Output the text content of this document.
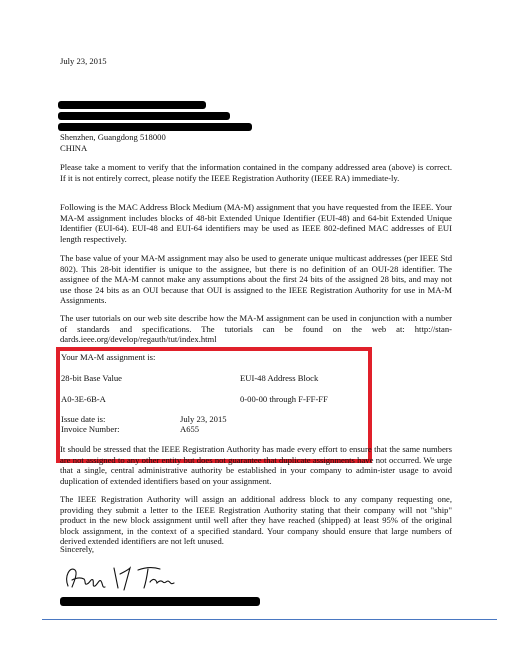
July 23, 2015

Shenzhen, Guangdong 518000

CHINA

Please take a moment to verify that the information contained in the company addressed area (above) is correct. If it is not entirely correct, please notify the IEEE Registration Authority (IEEE RA) immediate-ly.

Following is the MAC Address Block Medium (MA-M) assignment that you have requested from the IEEE. Your MA-M assignment includes blocks of 48-bit Extended Unique Identifier (EUI-48) and 64-bit Extended Unique Identifier (EUI-64). EUI-48 and EUI-64 identifiers may be used as IEEE 802-defined MAC addresses of EUI length respectively.

The base value of your MA-M assignment may also be used to generate unique multicast addresses (per IEEE Std 802). This 28-bit identifier is unique to the assignee, but there is no definition of an OUI-28 identifier. The assignee of the MA-M cannot make any assumptions about the first 24 bits of the assigned 28 bits, and may not use those 24 bits as an OUI because that OUI is assigned to the IEEE Registration Authority for use in MA-M Assignments.

The user tutorials on our web site describe how the MA-M assignment can be used in conjunction with a number of standards and specifications. The tutorials can be found on the web at: http://stan-dards.ieee.org/develop/regauth/tut/index.html

Your MA-M assignment is:

28-bit Base Value	EUI-48 Address Block

A0-3E-6B-A	0-00-00 through F-FF-FF

Issue date is:	July 23, 2015

Invoice Number:	A655

It should be stressed that the IEEE Registration Authority has made every effort to ensure that the same numbers are not assigned to any other entity but does not guarantee that duplicate assignments have not occurred. We urge that a single, central administrative authority be established in your company to admin-ister usage to avoid duplication of extended identifiers based on your assignment.

The IEEE Registration Authority will assign an additional address block to any company requesting one, providing they submit a letter to the IEEE Registration Authority stating that their company will not "ship" product in the new block assignment until well after they have reached (shipped) at least 95% of the original block assignment, in the context of a specified standard. Your company should ensure that large numbers of derived extended identifiers are not left unused.

Sincerely,
